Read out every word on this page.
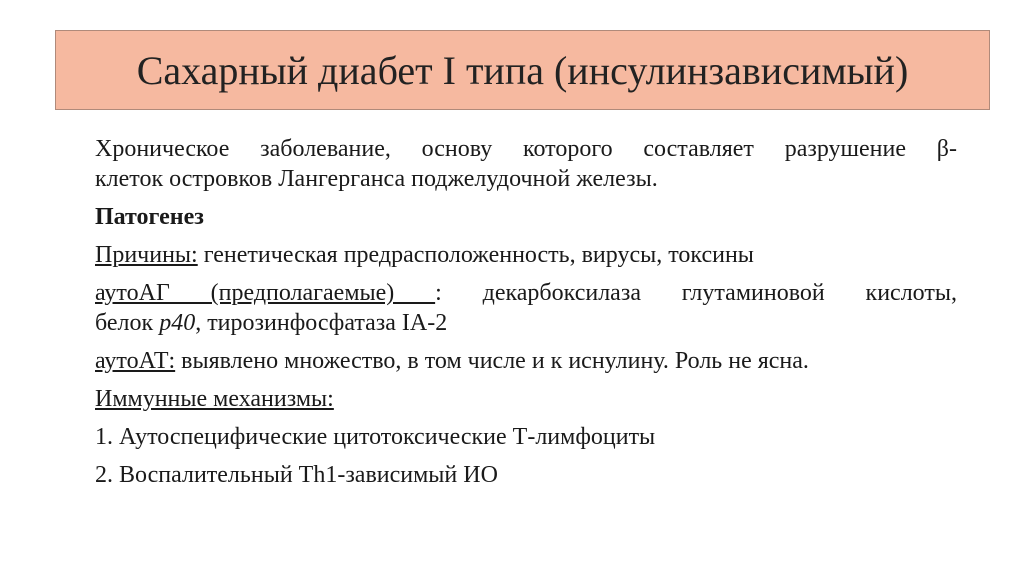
Сахарный диабет I типа (инсулинзависимый)
Хроническое заболевание, основу которого составляет разрушение β-
клеток островков Лангерганса поджелудочной железы.
Патогенез
Причины: генетическая предрасположенность, вирусы, токсины
аутоАГ (предполагаемые) : декарбоксилаза глутаминовой кислоты,
белок р40, тирозинфосфатаза IA-2
аутоАТ: выявлено множество, в том числе и к иснулину. Роль не ясна.
Иммунные механизмы:
1. Аутоспецифические цитотоксические Т-лимфоциты
2. Воспалительный Th1-зависимый ИО
